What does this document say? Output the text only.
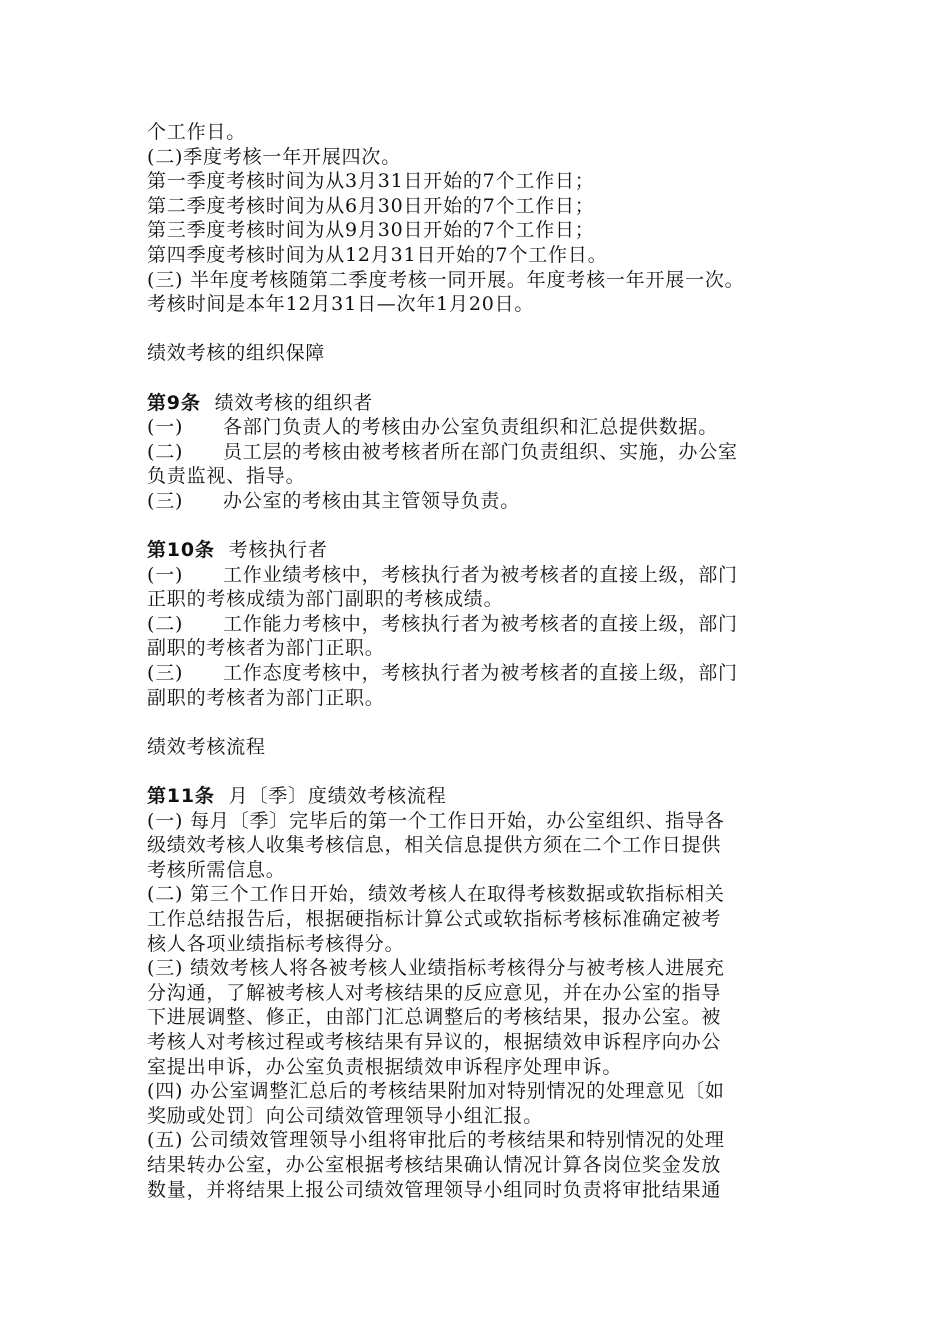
个工作日。

(二)季度考核一年开展四次。

第一季度考核时间为从3月31日开始的7个工作日；

第二季度考核时间为从6月30日开始的7个工作日；

第三季度考核时间为从9月30日开始的7个工作日；

第四季度考核时间为从12月31日开始的7个工作日。

(三) 半年度考核随第二季度考核一同开展。年度考核一年开展一次。

考核时间是本年12月31日—次年1月20日。

绩效考核的组织保障

第9条 绩效考核的组织者

(一) 各部门负责人的考核由办公室负责组织和汇总提供数据。

(二) 员工层的考核由被考核者所在部门负责组织、实施，办公室

负责监视、指导。

(三) 办公室的考核由其主管领导负责。

第10条 考核执行者

(一) 工作业绩考核中，考核执行者为被考核者的直接上级，部门

正职的考核成绩为部门副职的考核成绩。

(二) 工作能力考核中，考核执行者为被考核者的直接上级，部门

副职的考核者为部门正职。

(三) 工作态度考核中，考核执行者为被考核者的直接上级，部门

副职的考核者为部门正职。

绩效考核流程

第11条 月〔季〕度绩效考核流程

(一) 每月〔季〕完毕后的第一个工作日开始，办公室组织、指导各

级绩效考核人收集考核信息，相关信息提供方须在二个工作日提供

考核所需信息。

(二) 第三个工作日开始，绩效考核人在取得考核数据或软指标相关

工作总结报告后，根据硬指标计算公式或软指标考核标准确定被考

核人各项业绩指标考核得分。

(三) 绩效考核人将各被考核人业绩指标考核得分与被考核人进展充

分沟通，了解被考核人对考核结果的反应意见，并在办公室的指导

下进展调整、修正，由部门汇总调整后的考核结果，报办公室。被

考核人对考核过程或考核结果有异议的，根据绩效申诉程序向办公

室提出申诉，办公室负责根据绩效申诉程序处理申诉。

(四) 办公室调整汇总后的考核结果附加对特别情况的处理意见〔如

奖励或处罚〕向公司绩效管理领导小组汇报。

(五) 公司绩效管理领导小组将审批后的考核结果和特别情况的处理

结果转办公室，办公室根据考核结果确认情况计算各岗位奖金发放

数量，并将结果上报公司绩效管理领导小组同时负责将审批结果通
